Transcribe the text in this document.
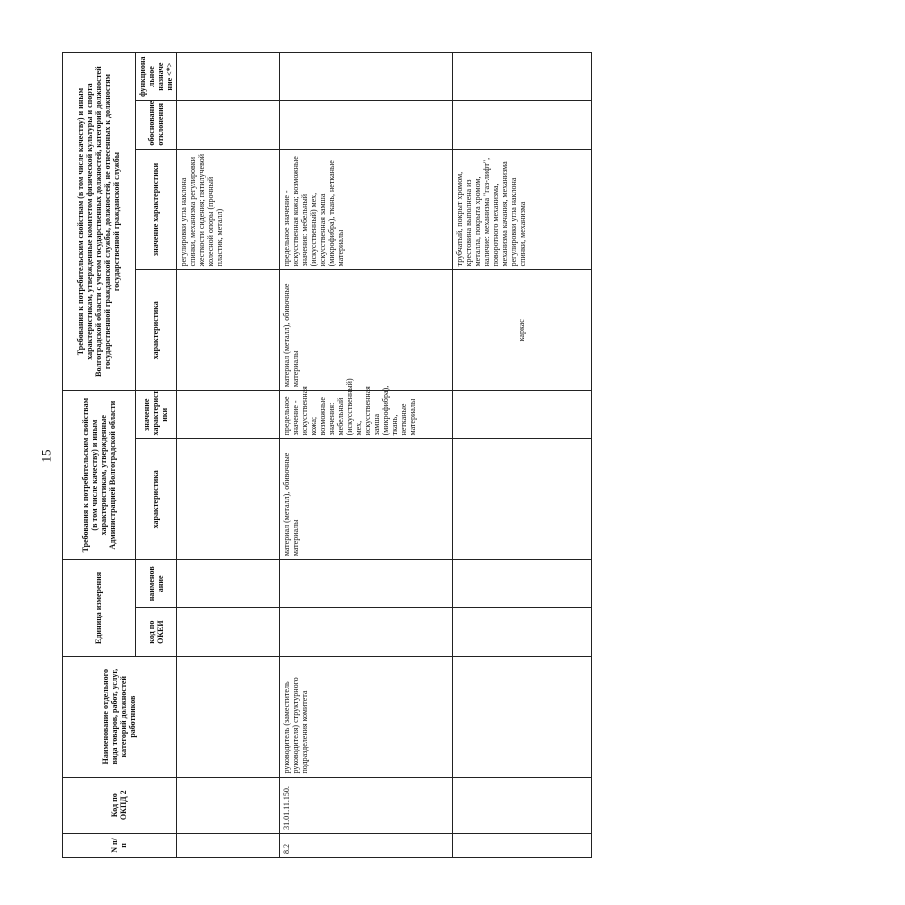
15
N п/п	Код по ОКПД 2	Наименование отдельного вида товаров, работ, услуг, категорий должностей работников	Единица измерения		Требования к потребительским свойствам (в том числе качеству) и иным характеристикам, утвержденные Администрацией Волгоградской области		Требования к потребительским свойствам (в том числе качеству) и иным характеристикам, утвержденные комитетом физической культуры и спорта Волгоградской области с учетом государственных должностей, категорий должностей государственной гражданской службы, должностей, не отнесенных к должностям государственной гражданской службы			
			код по ОКЕИ	наименов ание	характеристика	значение характерист ики	характеристика	значение характеристики	обоснование отклонения	функциона льное назначе ние <*>
								регулировки угла наклона спинки, механизма регулировки жесткости сидения; пятилучевой колесной опоры (прочный пластик, металл)		
8.2	31.01.11.150.	руководитель (заместитель руководителя) структурного подразделения комитета			материал (металл), обивочные материалы	предельное значение - искусственная кожа; возможные значения: мебельный (искусственный) мех, искусственная замша (микрофибра), ткань, нетканые материалы	материал (металл), обивочные материалы	предельное значение - искусственная кожа; возможные значения: мебельный (искусственный) мех, искусственная замша (микрофибра), ткань, нетканые материалы		
							каркас	трубчатый, покрыт хромом, крестовина выполнена из металла, покрыта хромом, наличие: механизма "газ-лифт", поворотного механизма, механизма качания, механизма регулировки угла наклона спинки, механизма		
